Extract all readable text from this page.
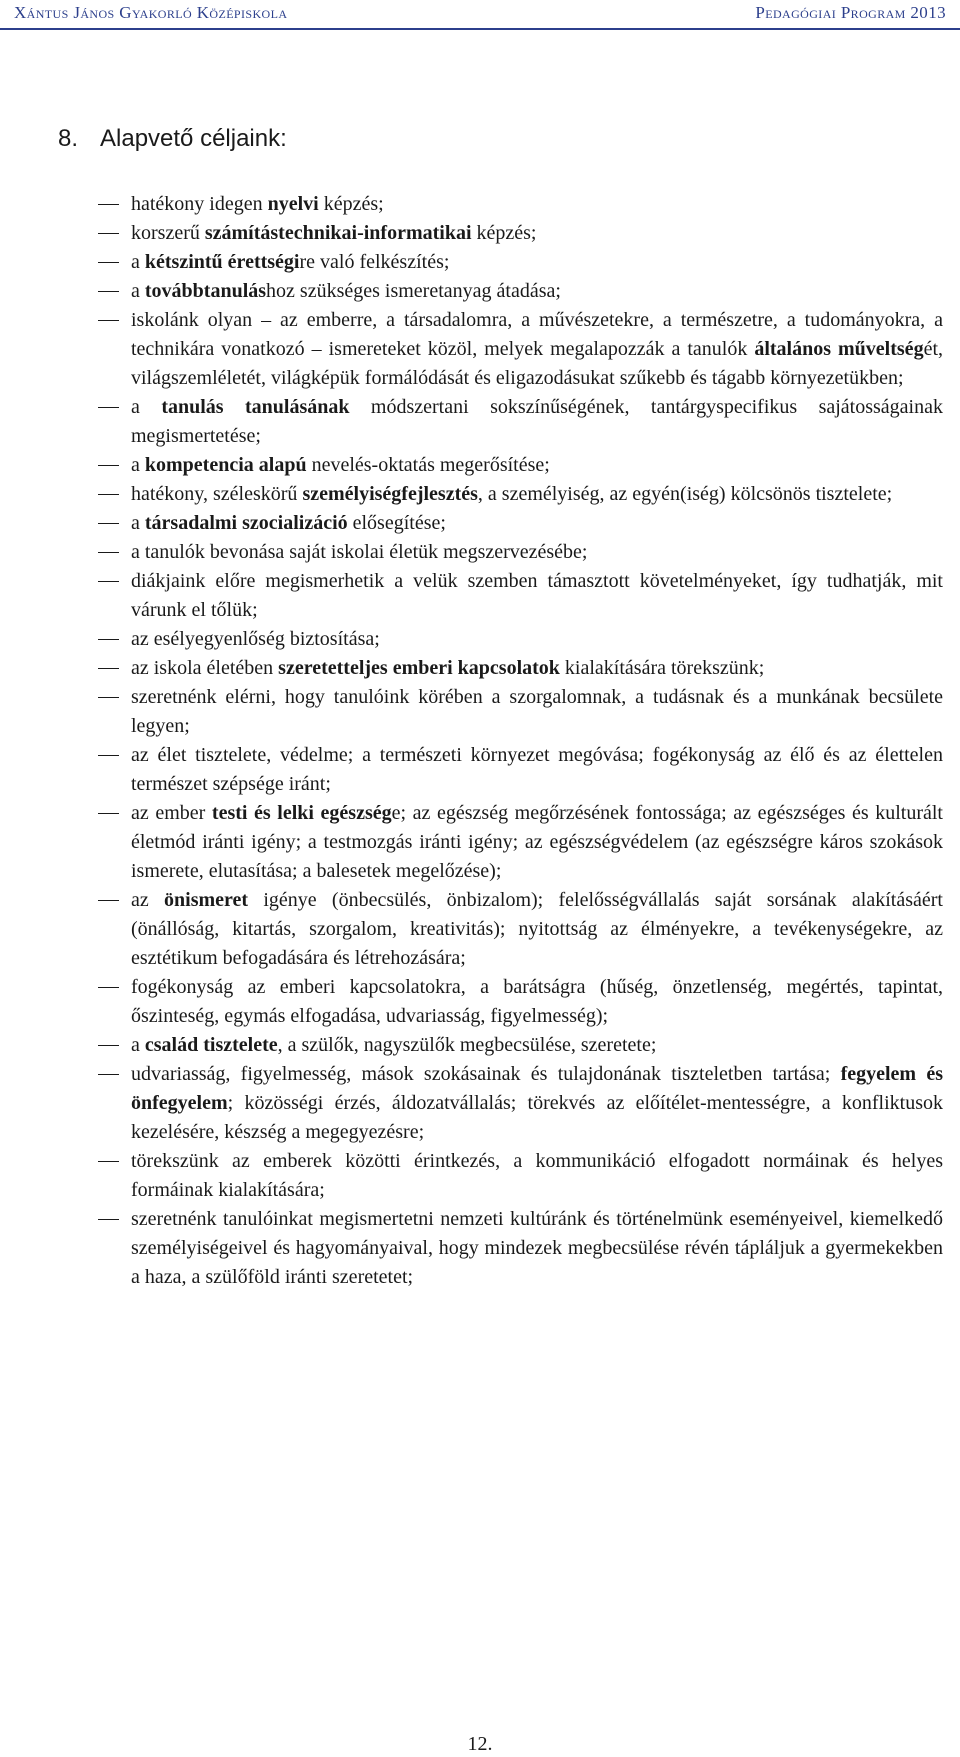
Xántus János Gyakorló Középiskola	Pedagógiai Program 2013
8. Alapvető céljaink:
hatékony idegen nyelvi képzés;
korszerű számítástechnikai-informatikai képzés;
a kétszintű érettségire való felkészítés;
a továbbtanuláshoz szükséges ismeretanyag átadása;
iskolánk olyan – az emberre, a társadalomra, a művészetekre, a természetre, a tudományokra, a technikára vonatkozó – ismereteket közöl, melyek megalapozzák a tanulók általános műveltségét, világszemléletét, világképük formálódását és eligazodásukat szűkebb és tágabb környezetükben;
a tanulás tanulásának módszertani sokszínűségének, tantárgyspecifikus sajátosságainak megismertetése;
a kompetencia alapú nevelés-oktatás megerősítése;
hatékony, széleskörű személyiségfejlesztés, a személyiség, az egyén(iség) kölcsönös tisztelete;
a társadalmi szocializáció elősegítése;
a tanulók bevonása saját iskolai életük megszervezésébe;
diákjaink előre megismerhetik a velük szemben támasztott követelményeket, így tudhatják, mit várunk el tőlük;
az esélyegyenlőség biztosítása;
az iskola életében szeretetteljes emberi kapcsolatok kialakítására törekszünk;
szeretnénk elérni, hogy tanulóink körében a szorgalomnak, a tudásnak és a munkának becsülete legyen;
az élet tisztelete, védelme; a természeti környezet megóvása; fogékonyság az élő és az élettelen természet szépsége iránt;
az ember testi és lelki egészsége; az egészség megőrzésének fontossága; az egészséges és kulturált életmód iránti igény; a testmozgás iránti igény; az egészségvédelem (az egészségre káros szokások ismerete, elutasítása; a balesetek megelőzése);
az önismeret igénye (önbecsülés, önbizalom); felelősségvállalás saját sorsának alakításáért (önállóság, kitartás, szorgalom, kreativitás); nyitottság az élményekre, a tevékenységekre, az esztétikum befogadására és létrehozására;
fogékonyság az emberi kapcsolatokra, a barátságra (hűség, önzetlenség, megértés, tapintat, őszinteség, egymás elfogadása, udvariasság, figyelmesség);
a család tisztelete, a szülők, nagyszülők megbecsülése, szeretete;
udvariasság, figyelmesség, mások szokásainak és tulajdonának tiszteletben tartása; fegyelem és önfegyelem; közösségi érzés, áldozatvállalás; törekvés az előítélet-mentességre, a konfliktusok kezelésére, készség a megegyezésre;
törekszünk az emberek közötti érintkezés, a kommunikáció elfogadott normáinak és helyes formáinak kialakítására;
szeretnénk tanulóinkat megismertetni nemzeti kultúránk és történelmünk eseményeivel, kiemelkedő személyiségeivel és hagyományaival, hogy mindezek megbecsülése révén tápláljuk a gyermekekben a haza, a szülőföld iránti szeretetet;
12.
